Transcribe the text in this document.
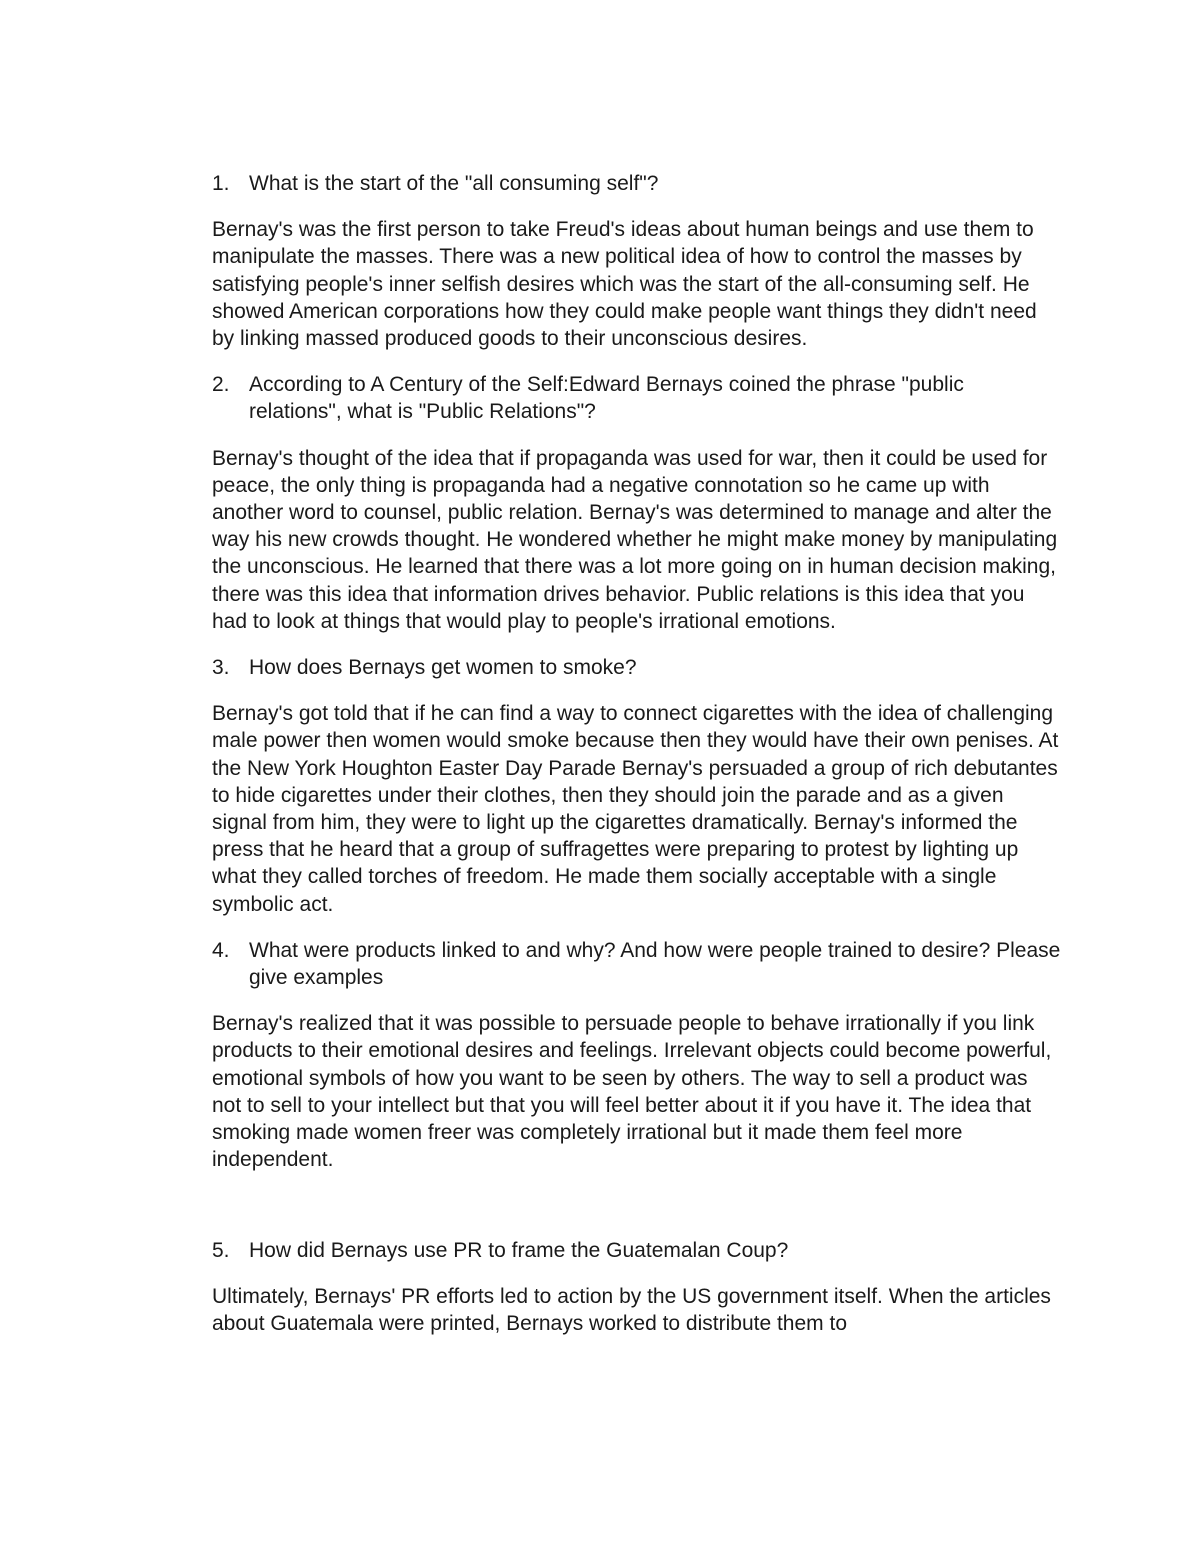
1. What is the start of the "all consuming self"?
Bernay's was the first person to take Freud's ideas about human beings and use them to manipulate the masses. There was a new political idea of how to control the masses by satisfying people's inner selfish desires which was the start of the all-consuming self. He showed American corporations how they could make people want things they didn't need by linking massed produced goods to their unconscious desires.
2. According to A Century of the Self:Edward Bernays coined the phrase "public relations", what is "Public Relations"?
Bernay's thought of the idea that if propaganda was used for war, then it could be used for peace, the only thing is propaganda had a negative connotation so he came up with another word to counsel, public relation. Bernay's was determined to manage and alter the way his new crowds thought. He wondered whether he might make money by manipulating the unconscious. He learned that there was a lot more going on in human decision making, there was this idea that information drives behavior. Public relations is this idea that you had to look at things that would play to people's irrational emotions.
3. How does Bernays get women to smoke?
Bernay's got told that if he can find a way to connect cigarettes with the idea of challenging male power then women would smoke because then they would have their own penises. At the New York Houghton Easter Day Parade Bernay's persuaded a group of rich debutantes to hide cigarettes under their clothes, then they should join the parade and as a given signal from him, they were to light up the cigarettes dramatically. Bernay's informed the press that he heard that a group of suffragettes were preparing to protest by lighting up what they called torches of freedom. He made them socially acceptable with a single symbolic act.
4. What were products linked to and why? And how were people trained to desire? Please give examples
Bernay's realized that it was possible to persuade people to behave irrationally if you link products to their emotional desires and feelings. Irrelevant objects could become powerful, emotional symbols of how you want to be seen by others. The way to sell a product was not to sell to your intellect but that you will feel better about it if you have it. The idea that smoking made women freer was completely irrational but it made them feel more independent.
5. How did Bernays use PR to frame the Guatemalan Coup?
Ultimately, Bernays' PR efforts led to action by the US government itself. When the articles about Guatemala were printed, Bernays worked to distribute them to
